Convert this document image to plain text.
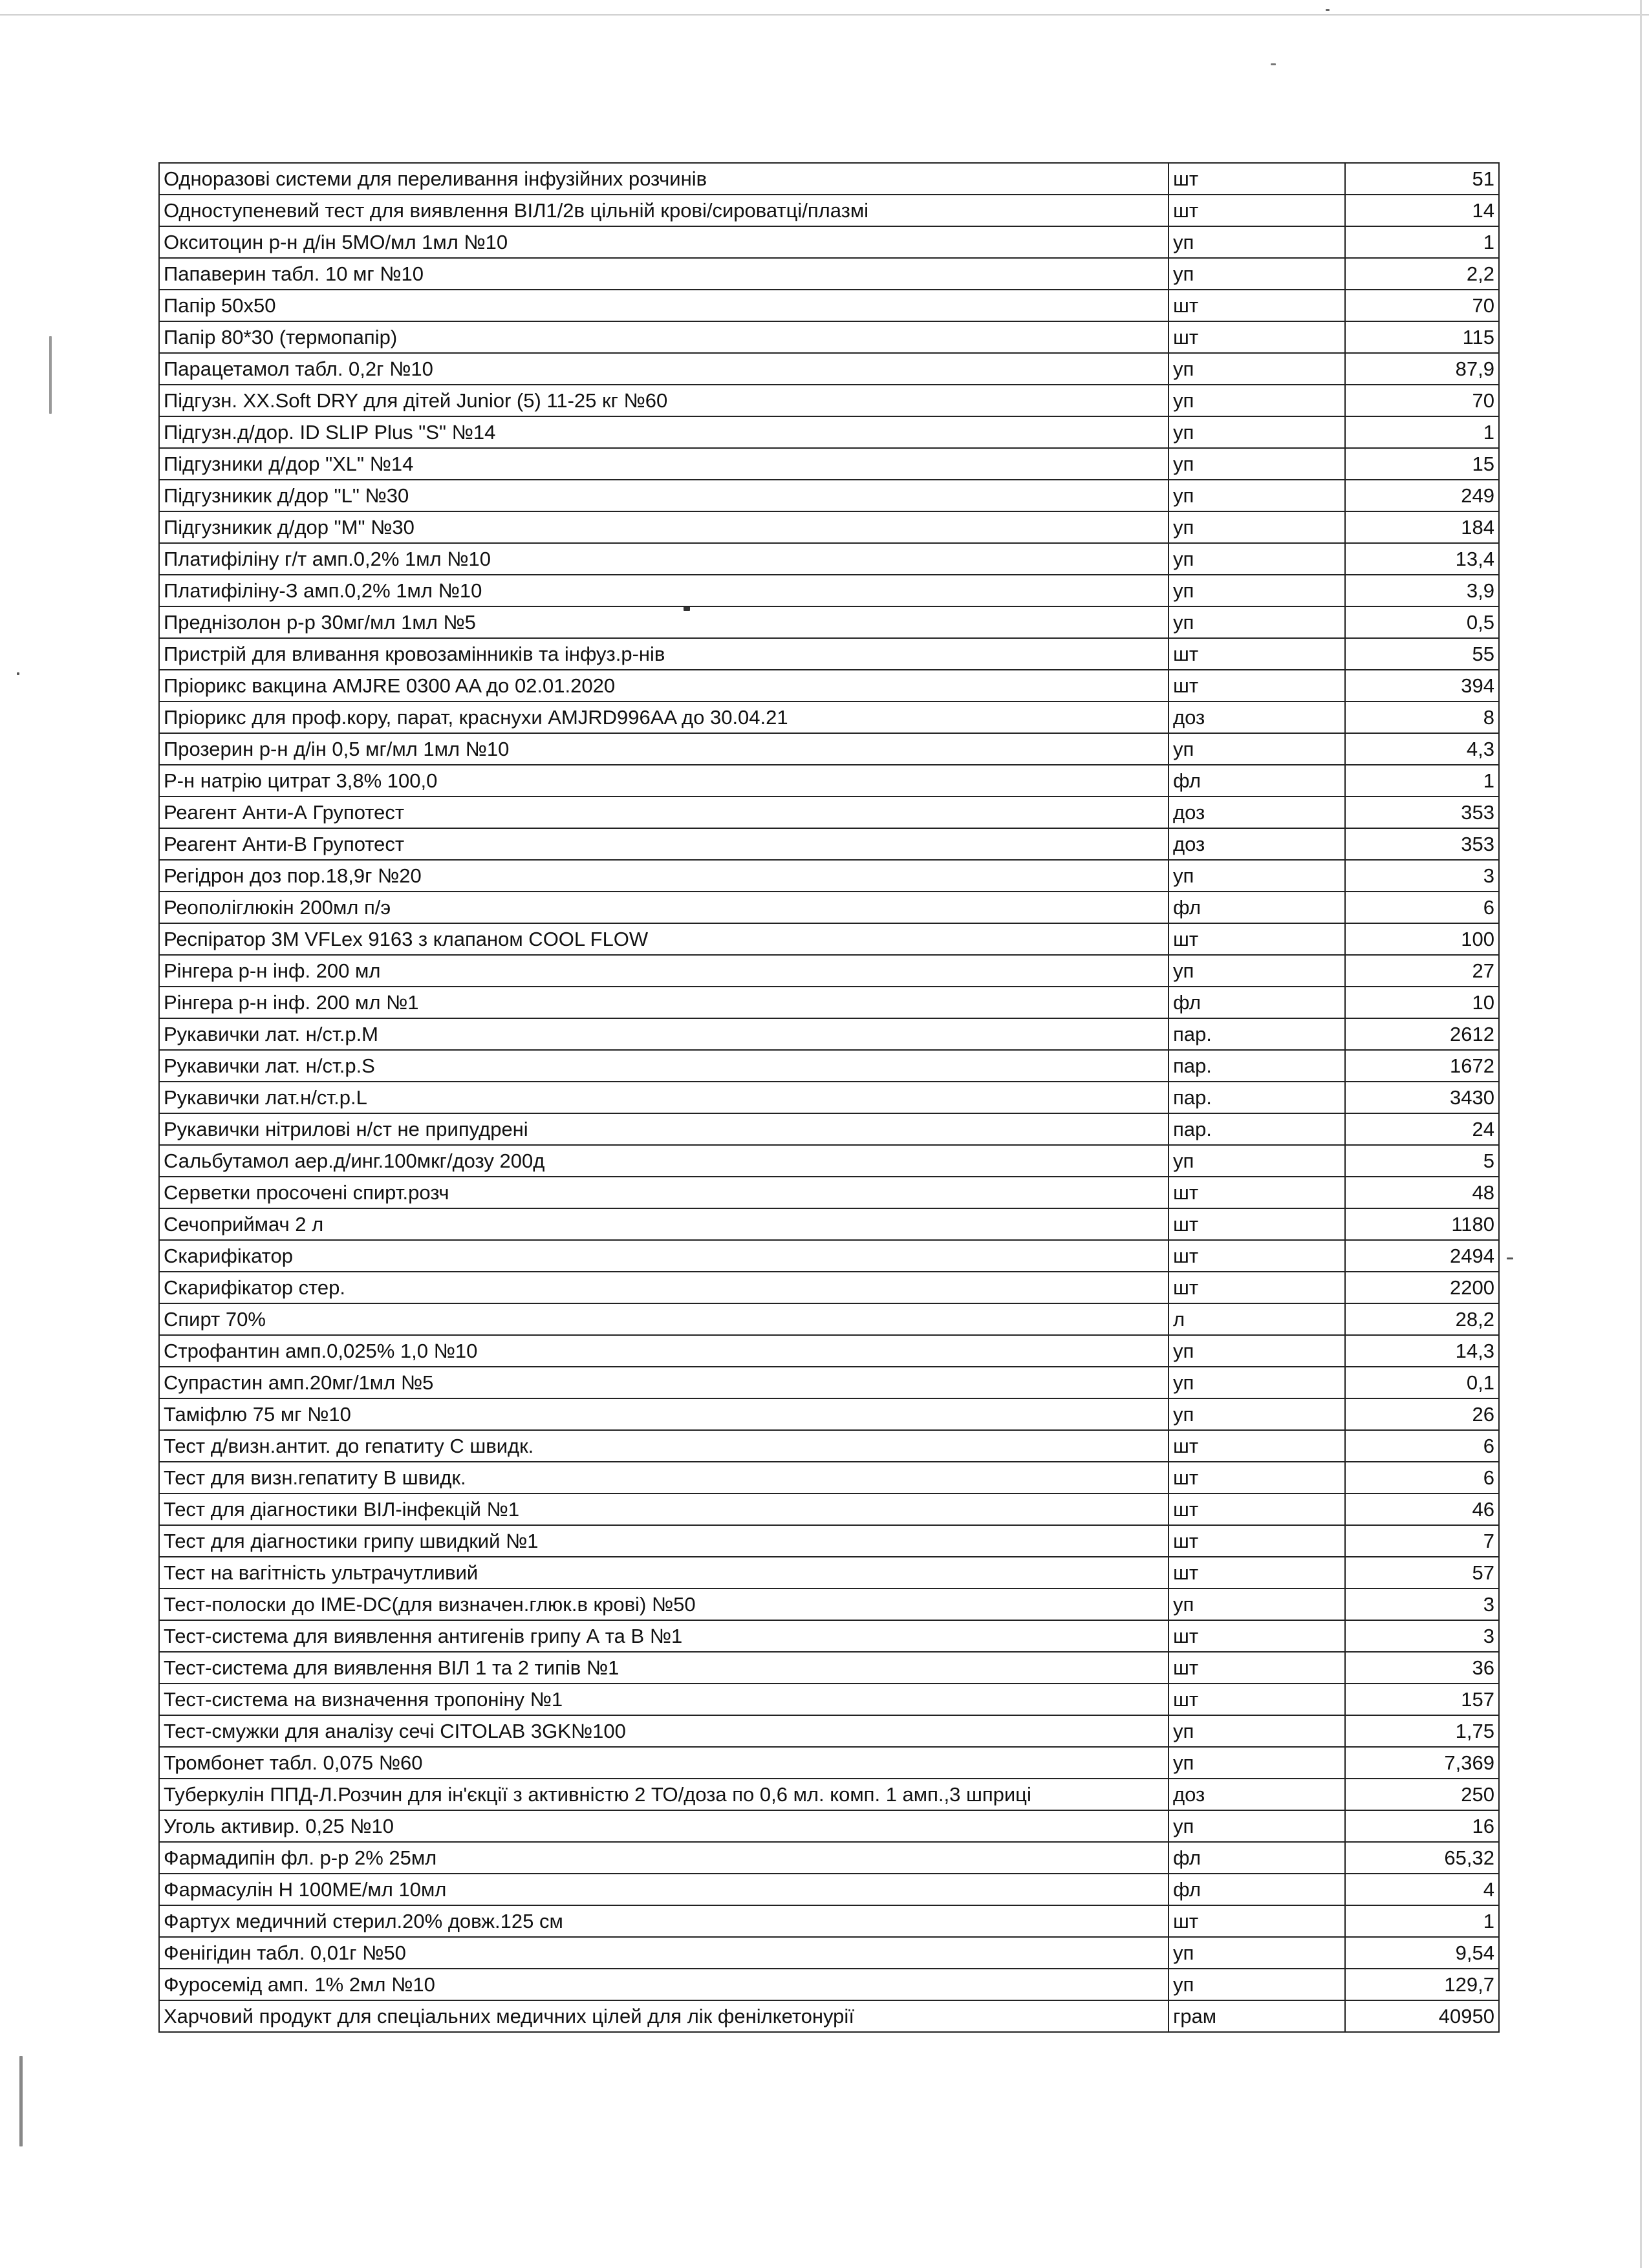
Одноразові системи для переливання інфузійних розчинів	шт	51
Одноступеневий тест для виявлення ВІЛ1/2в цільній крові/сироватці/плазмі	шт	14
Окситоцин р-н д/ін 5МО/мл 1мл №10	уп	1
Папаверин табл. 10 мг №10	уп	2,2
Папір 50х50	шт	70
Папір 80*30 (термопапір)	шт	115
Парацетамол табл. 0,2г №10	уп	87,9
Підгузн. XX.Soft DRY для дітей Junior (5) 11-25 кг №60	уп	70
Підгузн.д/дор. ID SLIP Plus "S" №14	уп	1
Підгузники д/дор "XL" №14	уп	15
Підгузникик д/дор "L" №30	уп	249
Підгузникик д/дор "M" №30	уп	184
Платифіліну г/т амп.0,2% 1мл №10	уп	13,4
Платифіліну-З амп.0,2% 1мл №10	уп	3,9
Преднізолон р-р 30мг/мл 1мл №5	уп	0,5
Пристрій для вливання кровозамінників та інфуз.р-нів	шт	55
Пріорикс вакцина AMJRE 0300 AA до 02.01.2020	шт	394
Пріорикс для проф.кору, парат, краснухи AMJRD996AA до 30.04.21	доз	8
Прозерин р-н д/ін 0,5 мг/мл 1мл №10	уп	4,3
Р-н натрію цитрат 3,8% 100,0	фл	1
Реагент Анти-А Групотест	доз	353
Реагент Анти-В Групотест	доз	353
Регідрон доз пор.18,9г №20	уп	3
Реополіглюкін 200мл п/э	фл	6
Респіратор 3М VFLex 9163 з клапаном COOL FLOW	шт	100
Рінгера р-н інф. 200 мл	уп	27
Рінгера р-н інф. 200 мл №1	фл	10
Рукавички лат. н/ст.р.М	пар.	2612
Рукавички лат. н/ст.р.S	пар.	1672
Рукавички лат.н/ст.р.L	пар.	3430
Рукавички нітрилові н/ст не припудрені	пар.	24
Сальбутамол аер.д/инг.100мкг/дозу 200д	уп	5
Серветки просочені спирт.розч	шт	48
Сечоприймач 2 л	шт	1180
Скарифікатор	шт	2494
Скарифікатор стер.	шт	2200
Спирт 70%	л	28,2
Строфантин амп.0,025% 1,0 №10	уп	14,3
Супрастин амп.20мг/1мл №5	уп	0,1
Таміфлю 75 мг №10	уп	26
Тест д/визн.антит. до гепатиту С швидк.	шт	6
Тест для визн.гепатиту В швидк.	шт	6
Тест для діагностики ВІЛ-інфекцій №1	шт	46
Тест для діагностики грипу швидкий №1	шт	7
Тест на вагітність ультрачутливий	шт	57
Тест-полоски до IME-DC(для визначен.глюк.в крові) №50	уп	3
Тест-система для виявлення антигенів грипу А та В №1	шт	3
Тест-система для виявлення ВІЛ 1 та 2 типів №1	шт	36
Тест-система на визначення тропоніну №1	шт	157
Тест-смужки для аналізу сечі CITOLAB 3GK№100	уп	1,75
Тромбонет табл. 0,075 №60	уп	7,369
Туберкулін ППД-Л.Розчин для ін'єкції з активністю 2 ТО/доза по 0,6 мл. комп. 1 амп.,3 шприці	доз	250
Уголь активир. 0,25 №10	уп	16
Фармадипін фл. р-р 2% 25мл	фл	65,32
Фармасулін Н 100МЕ/мл 10мл	фл	4
Фартух медичний стерил.20% довж.125 см	шт	1
Фенігідин табл. 0,01г №50	уп	9,54
Фуросемід амп. 1% 2мл №10	уп	129,7
Харчовий продукт для спеціальних медичних цілей для лік фенілкетонурії	грам	40950
